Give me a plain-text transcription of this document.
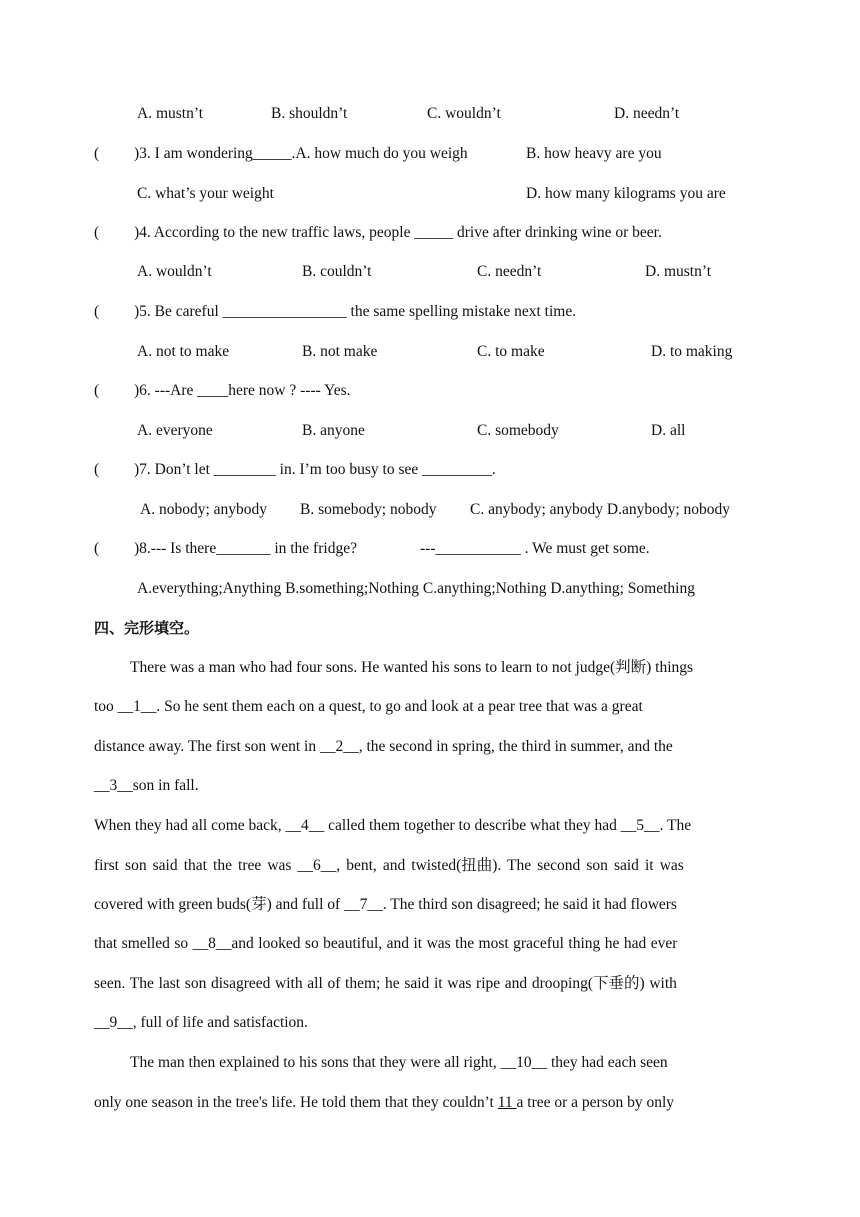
A. mustn’t	B. shouldn’t	C. wouldn’t	D. needn’t
( )3. I am wondering_____.A. how much do you weigh	B. how heavy are you
C. what’s your weight	D. how many kilograms you are
( )4. According to the new traffic laws, people _____ drive after drinking wine or beer.
A. wouldn’t	B. couldn’t	C. needn’t	D. mustn’t
( )5. Be careful ________________ the same spelling mistake next time.
A. not to make	B. not make	C. to make	D. to making
( )6. ---Are ____here now ? ---- Yes.
A. everyone	B. anyone	C. somebody	D. all
( )7. Don’t let ________ in. I’m too busy to see _________.
A. nobody; anybody B. somebody; nobody C. anybody; anybody D.anybody; nobody
( )8.--- Is there_______ in the fridge?	---___________ . We must get some.
A.everything;Anything B.something;Nothing C.anything;Nothing D.anything; Something
四、完形填空。
There was a man who had four sons. He wanted his sons to learn to not judge(判断) things
too __1__. So he sent them each on a quest, to go and look at a pear tree that was a great
distance away. The first son went in __2__, the second in spring, the third in summer, and the
__3__son in fall.
When they had all come back, __4__ called them together to describe what they had __5__. The
first son said that the tree was __6__, bent, and twisted(扭曲). The second son said it was
covered with green buds(芽) and full of __7__. The third son disagreed; he said it had flowers
that smelled so __8__and looked so beautiful, and it was the most graceful thing he had ever
seen. The last son disagreed with all of them; he said it was ripe and drooping(下垂的) with
__9__, full of life and satisfaction.
The man then explained to his sons that they were all right, __10__ they had each seen
only one season in the tree's life. He told them that they couldn’t 11 a tree or a person by only
